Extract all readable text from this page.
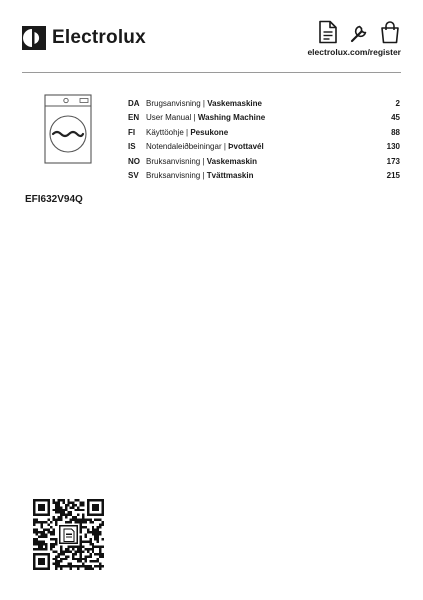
Electrolux
electrolux.com/register
EFI632V94Q
DA	Brugsanvisning | Vaskemaskine	2
EN	User Manual | Washing Machine	45
FI	Käyttöohje | Pesukone	88
IS	Notendaleiðbeiningar | Þvottavél	130
NO	Bruksanvisning | Vaskemaskin	173
SV	Bruksanvisning | Tvättmaskin	215
